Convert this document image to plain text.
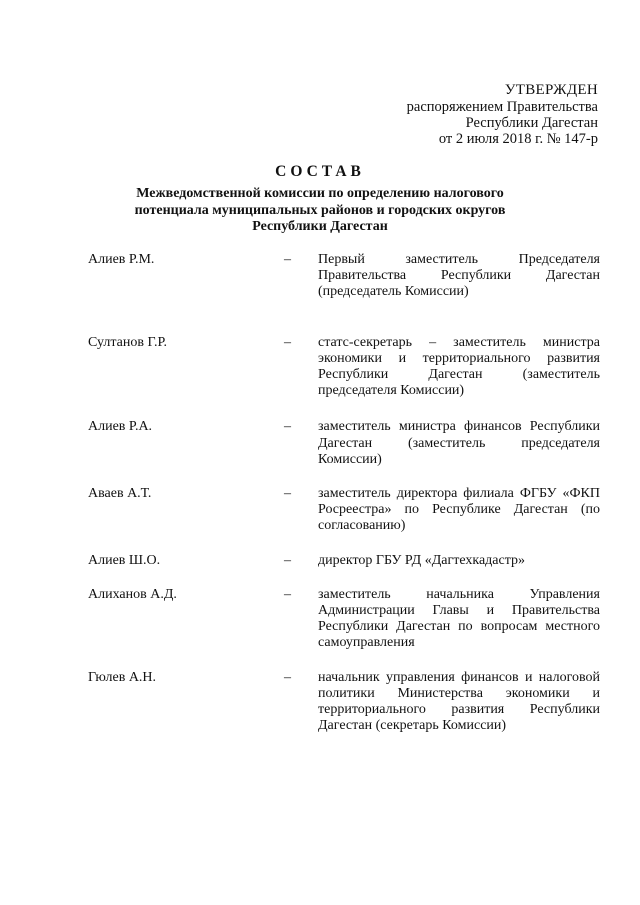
УТВЕРЖДЕН
распоряжением Правительства
Республики Дагестан
от 2 июля 2018 г. № 147-р
СОСТАВ
Межведомственной комиссии по определению налогового
потенциала муниципальных районов и городских округов
Республики Дагестан
Алиев Р.М.	–	Первый заместитель Председателя Правительства Республики Дагестан (председатель Комиссии)
Султанов Г.Р.	–	статс-секретарь – заместитель министра экономики и территориального развития Республики Дагестан (заместитель председателя Комиссии)
Алиев Р.А.	–	заместитель министра финансов Республики Дагестан (заместитель председателя Комиссии)
Аваев А.Т.	–	заместитель директора филиала ФГБУ «ФКП Росреестра» по Республике Дагестан (по согласованию)
Алиев Ш.О.	–	директор ГБУ РД «Дагтехкадастр»
Алиханов А.Д.	–	заместитель начальника Управления Администрации Главы и Правительства Республики Дагестан по вопросам местного самоуправления
Гюлев А.Н.	–	начальник управления финансов и налоговой политики Министерства экономики и территориального развития Республики Дагестан (секретарь Комиссии)
